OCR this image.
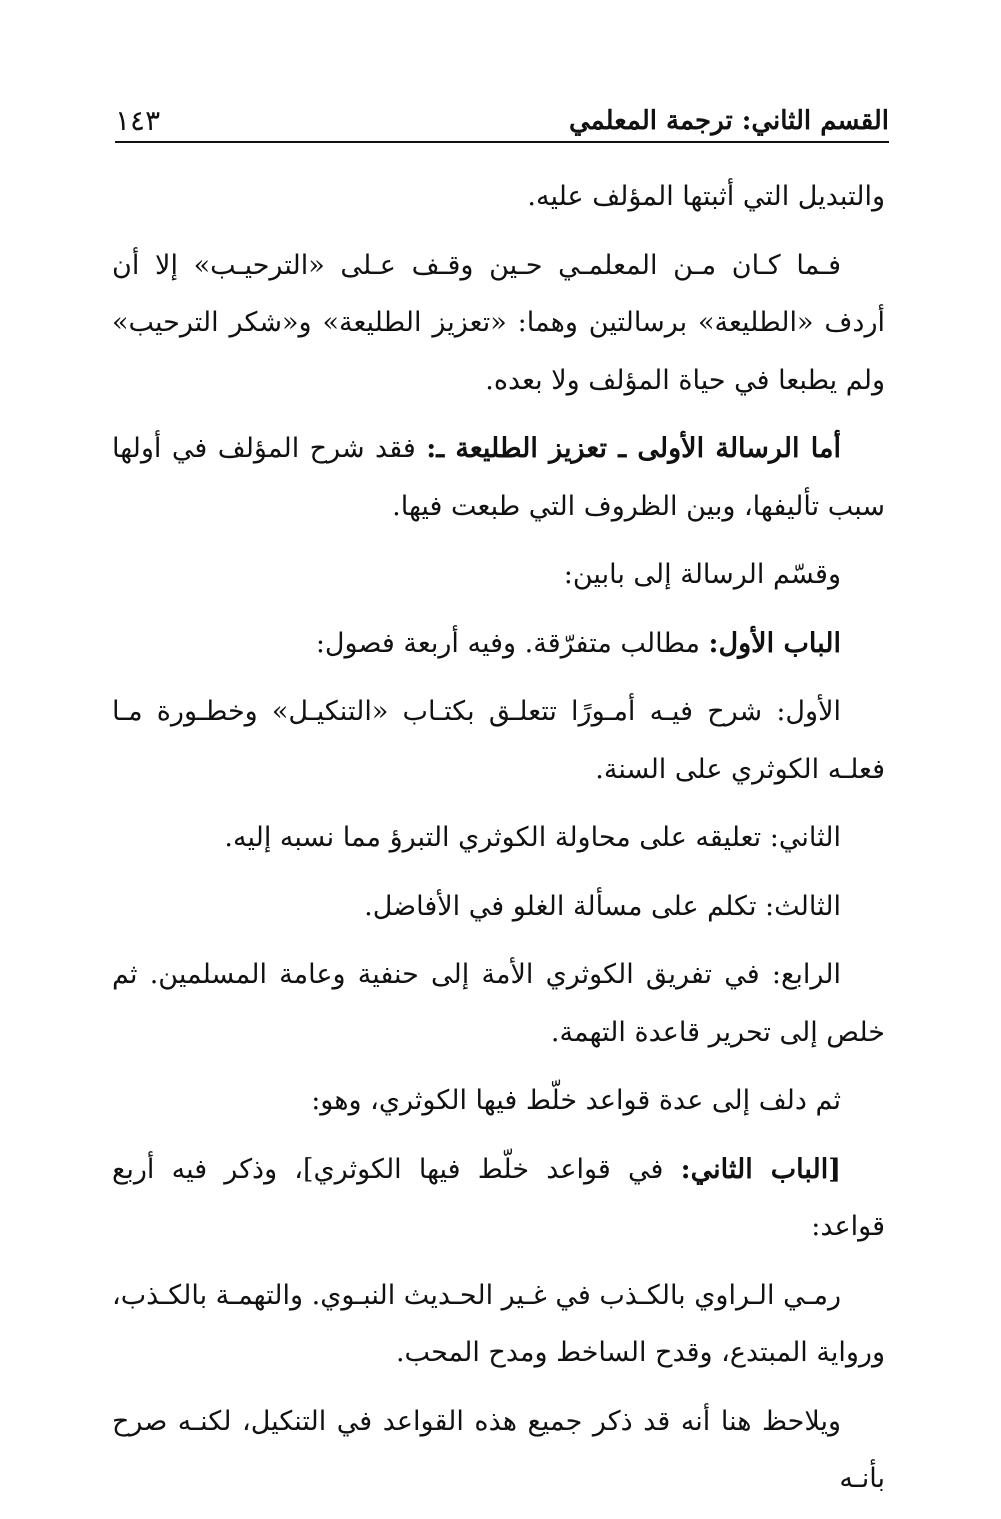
القسم الثاني: ترجمة المعلمي
١٤٣

والتبديل التي أثبتها المؤلف عليه.

فـما كـان مـن المعلمـي حـين وقـف عـلى «الترحيـب» إلا أن أردف «الطليعة» برسالتين وهما: «تعزيز الطليعة» و«شكر الترحيب» ولم يطبعا في حياة المؤلف ولا بعده.

أما الرسالة الأولى ـ تعزيز الطليعة ـ: فقد شرح المؤلف في أولها سبب تأليفها، وبين الظروف التي طبعت فيها.

وقسّم الرسالة إلى بابين:

الباب الأول: مطالب متفرّقة. وفيه أربعة فصول:

الأول: شرح فيـه أمـورًا تتعلـق بكتـاب «التنكيـل» وخطـورة مـا فعلـه الكوثري على السنة.

الثاني: تعليقه على محاولة الكوثري التبرؤ مما نسبه إليه.

الثالث: تكلم على مسألة الغلو في الأفاضل.

الرابع: في تفريق الكوثري الأمة إلى حنفية وعامة المسلمين. ثم خلص إلى تحرير قاعدة التهمة.

ثم دلف إلى عدة قواعد خلّط فيها الكوثري، وهو:

[الباب الثاني: في قواعد خلّط فيها الكوثري]، وذكر فيه أربع قواعد:

رمـي الـراوي بالكـذب في غـير الحـديث النبـوي. والتهمـة بالكـذب، ورواية المبتدع، وقدح الساخط ومدح المحب.

ويلاحظ هنا أنه قد ذكر جميع هذه القواعد في التنكيل، لكنـه صرح بأنـه
